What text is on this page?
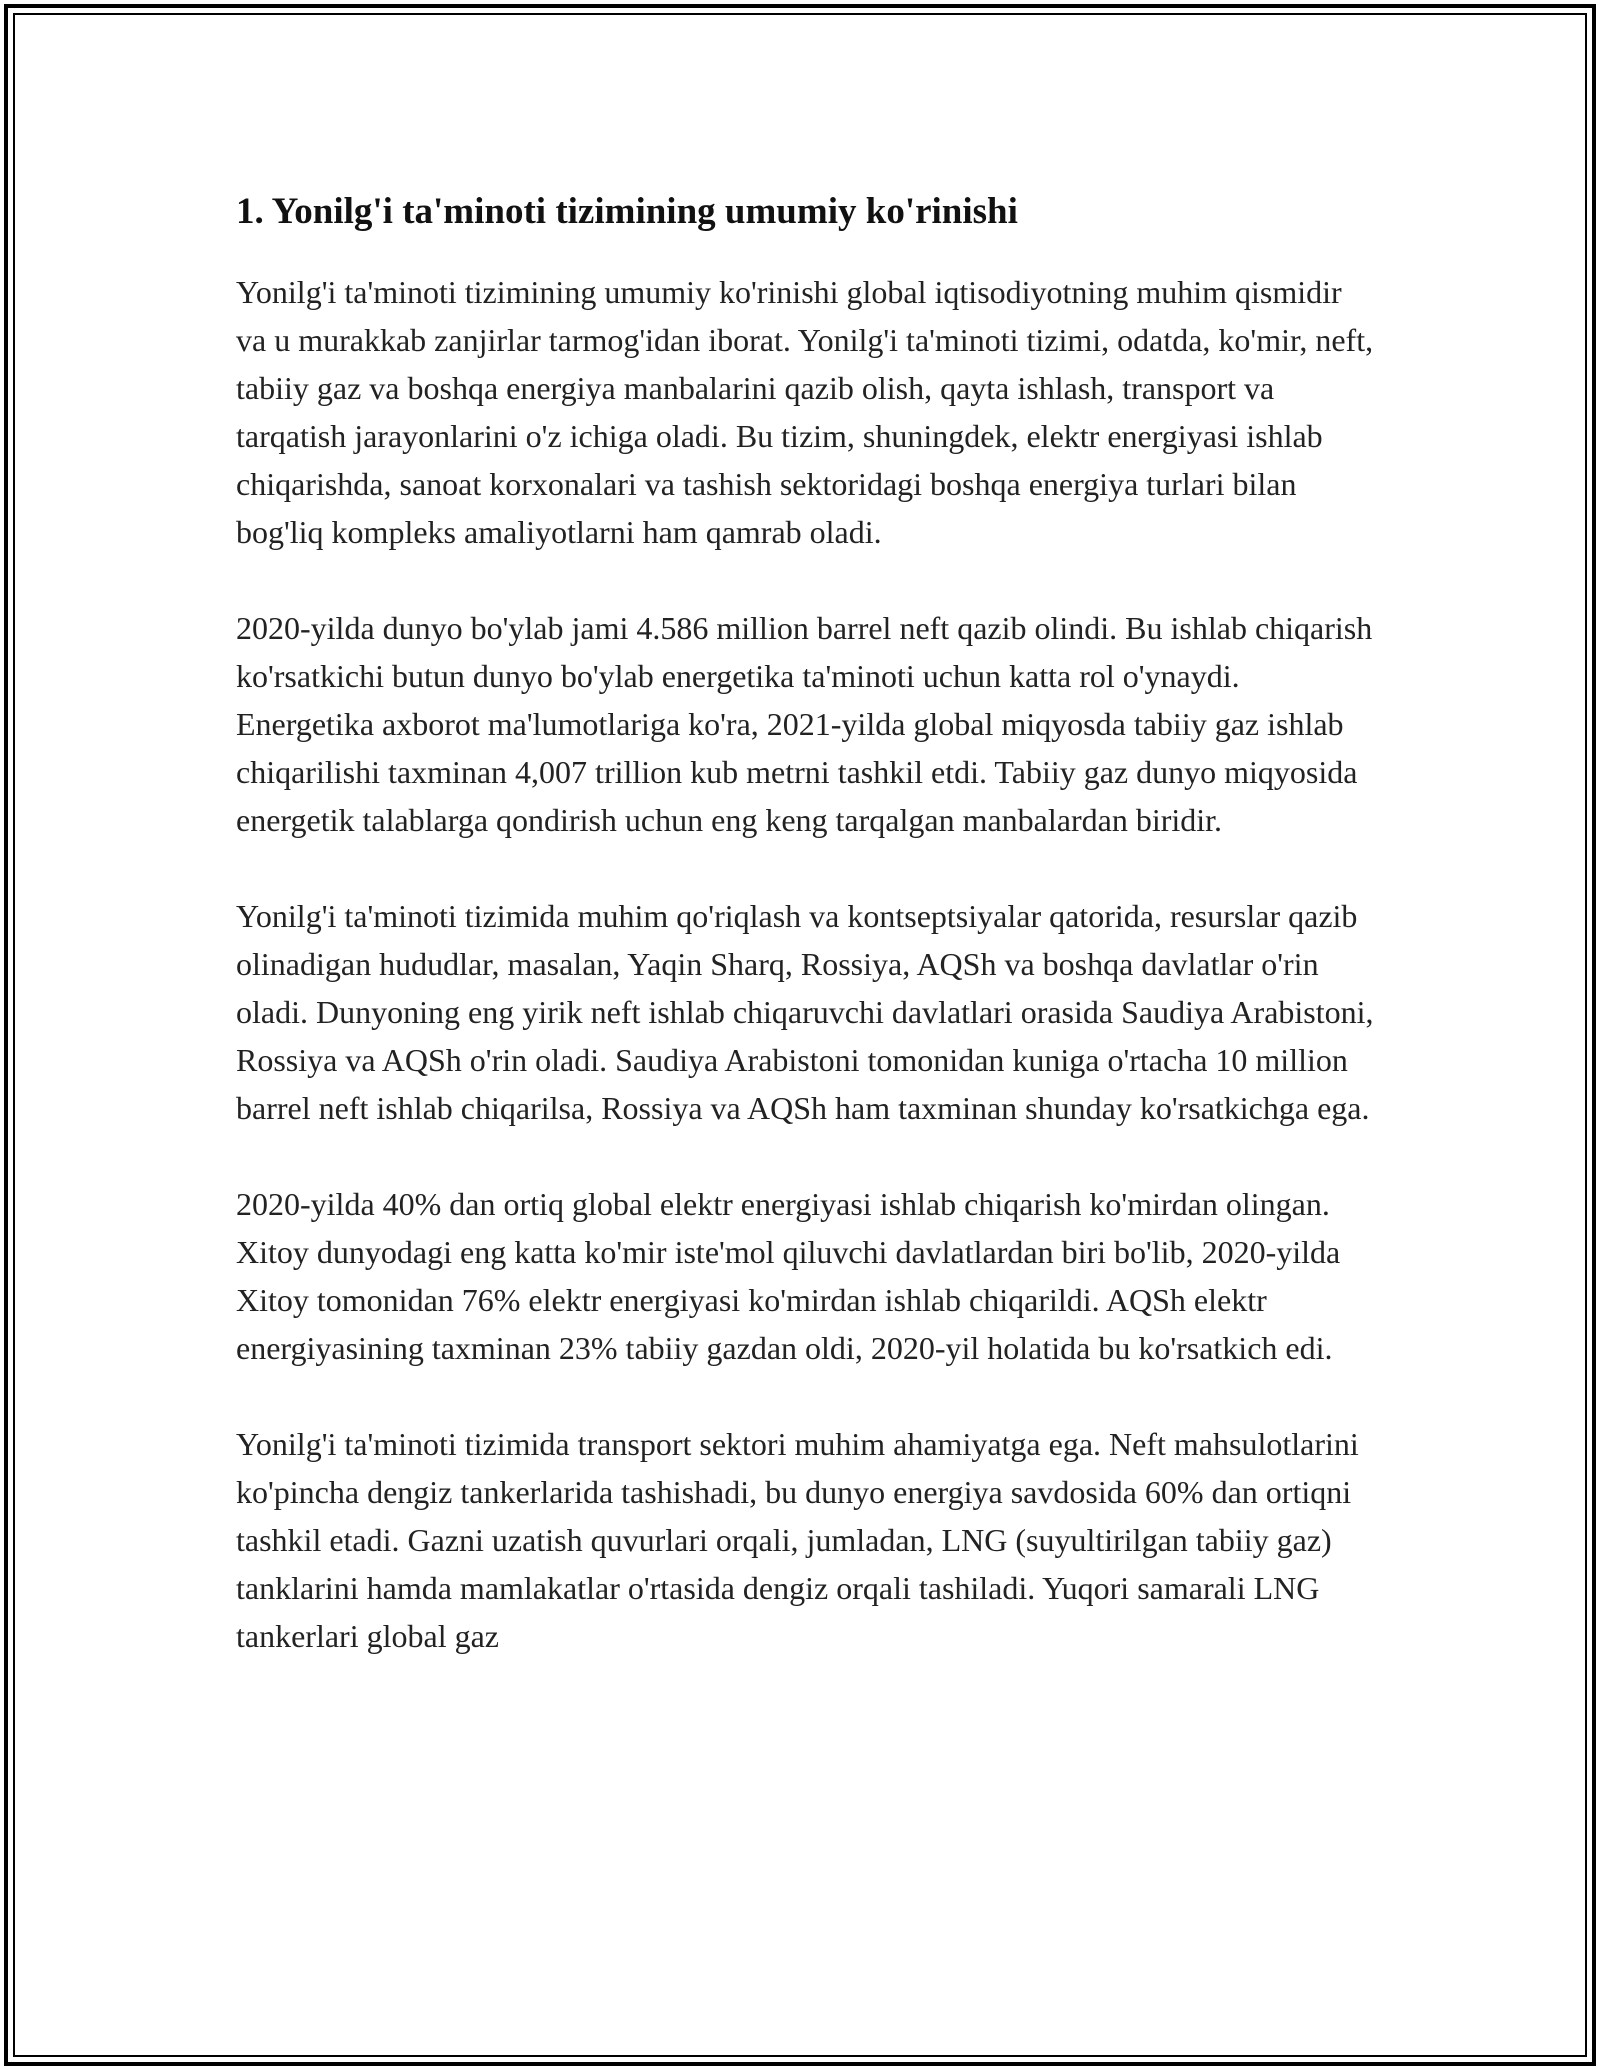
1. Yonilg'i ta'minoti tizimining umumiy ko'rinishi

Yonilg'i ta'minoti tizimining umumiy ko'rinishi global iqtisodiyotning muhim qismidir va u murakkab zanjirlar tarmog'idan iborat. Yonilg'i ta'minoti tizimi, odatda, ko'mir, neft, tabiiy gaz va boshqa energiya manbalarini qazib olish, qayta ishlash, transport va tarqatish jarayonlarini o'z ichiga oladi. Bu tizim, shuningdek, elektr energiyasi ishlab chiqarishda, sanoat korxonalari va tashish sektoridagi boshqa energiya turlari bilan bog'liq kompleks amaliyotlarni ham qamrab oladi.

2020-yilda dunyo bo'ylab jami 4.586 million barrel neft qazib olindi. Bu ishlab chiqarish ko'rsatkichi butun dunyo bo'ylab energetika ta'minoti uchun katta rol o'ynaydi. Energetika axborot ma'lumotlariga ko'ra, 2021-yilda global miqyosda tabiiy gaz ishlab chiqarilishi taxminan 4,007 trillion kub metrni tashkil etdi. Tabiiy gaz dunyo miqyosida energetik talablarga qondirish uchun eng keng tarqalgan manbalardan biridir.

Yonilg'i ta'minoti tizimida muhim qo'riqlash va kontseptsiyalar qatorida, resurslar qazib olinadigan hududlar, masalan, Yaqin Sharq, Rossiya, AQSh va boshqa davlatlar o'rin oladi. Dunyoning eng yirik neft ishlab chiqaruvchi davlatlari orasida Saudiya Arabistoni, Rossiya va AQSh o'rin oladi. Saudiya Arabistoni tomonidan kuniga o'rtacha 10 million barrel neft ishlab chiqarilsa, Rossiya va AQSh ham taxminan shunday ko'rsatkichga ega.

2020-yilda 40% dan ortiq global elektr energiyasi ishlab chiqarish ko'mirdan olingan. Xitoy dunyodagi eng katta ko'mir iste'mol qiluvchi davlatlardan biri bo'lib, 2020-yilda Xitoy tomonidan 76% elektr energiyasi ko'mirdan ishlab chiqarildi. AQSh elektr energiyasining taxminan 23% tabiiy gazdan oldi, 2020-yil holatida bu ko'rsatkich edi.

Yonilg'i ta'minoti tizimida transport sektori muhim ahamiyatga ega. Neft mahsulotlarini ko'pincha dengiz tankerlarida tashishadi, bu dunyo energiya savdosida 60% dan ortiqni tashkil etadi. Gazni uzatish quvurlari orqali, jumladan, LNG (suyultirilgan tabiiy gaz) tanklarini hamda mamlakatlar o'rtasida dengiz orqali tashiladi. Yuqori samarali LNG tankerlari global gaz
